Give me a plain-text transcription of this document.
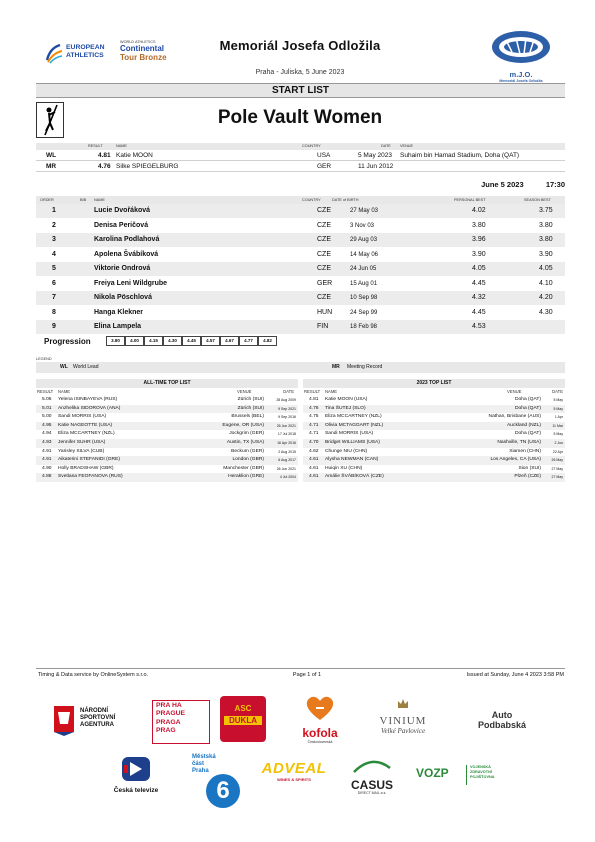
EUROPEAN
ATHLETICS
WORLD ATHLETICS
Continental
Tour Bronze
Memoriál Josefa Odložila
Praha - Juliska, 5 June 2023	m.J.O.
Memoriál Josefa Odložila
START LIST
Pole Vault Women
RESULT	NAME	COUNTRY	DATE VENUE
WL	4.81 Katie MOON	USA	5 May 2023 Suhaim bin Hamad Stadium, Doha (QAT)
MR	4.76 Silke SPIEGELBURG	GER	11 Jun 2012
June 5 2023	17:30
ORDER	BIB NAME	COUNTRY	DATE of BIRTH	PERSONAL BEST	SEASON BEST
1	Lucie Dvořáková	CZE	27 May 03	4.02	3.75
2	Denisa Peričová	CZE	3 Nov 03	3.80	3.80
3	Karolina Podlahová	CZE	29 Aug 03	3.96	3.80
4	Apolena Švábíková	CZE	14 May 06	3.90	3.90
5	Viktorie Ondrová	CZE	24 Jun 05	4.05	4.05
6	Freiya Leni Wildgrube	GER	15 Aug 01	4.45	4.10
7	Nikola Pöschlová	CZE	10 Sep 98	4.32	4.20
8	Hanga Klekner	HUN	24 Sep 99	4.45	4.30
9	Elina Lampela	FIN	18 Feb 98	4.53
Progression	3.80	4.00	4.15	4.30	4.45	4.57	4.67	4.77	4.82
LEGEND
WL World Lead	MR Meeting Record
ALL-TIME TOP LIST	2023 TOP LIST
RESULT NAME	VENUE	DATE RESULT NAME	VENUE	DATE
5.06 Yelena ISINBAYEVA (RUS)	Zürich (SUI)	28 Aug 2009
5.01 Anzhelika SIDOROVA (ANA)	Zürich (SUI)	9 Sep 2021
5.00 Sandi MORRIS (USA)	Brussels (BEL)	9 Sep 2016
4.95 Katie NAGEOTTE (USA)	Eugene, OR (USA)	26 Jun 2021
4.94 Eliza MCCARTNEY (NZL)	Jockgrim (GER)	17 Jul 2018
4.93 Jennifer SUHR (USA)	Austin, TX (USA)	16 Apr 2016
4.91 Yarisley SILVA (CUB)	Beckum (GER)	2 Aug 2015
4.91 Aikaterini STEFANIDI (GRE)	London (GBR)	6 Aug 2017
4.90 Holly BRADSHAW (GBR)	Manchester (GBR)	26 Jun 2021
4.88 Svetlana FEOFANOVA (RUS)	Heraklion (GRE)	4 Jul 2004
4.81 Katie MOON (USA)	Doha (QAT)	5 May
4.76 Tina ŠUTEJ (SLO)	Doha (QAT)	5 May
4.75 Eliza MCCARTNEY (NZL)	Nathan, Brisbane (AUS)	1 Apr
4.71 Olivia MCTAGGART (NZL)	Auckland (NZL)	11 Mar
4.71 Sandi MORRIS (USA)	Doha (QAT)	5 May
4.70 Bridget WILLIAMS (USA)	Nashville, TN (USA)	2 Jun
4.62 Chunge NIU (CHN)	Xiamen (CHN)	22 Apr
4.61 Alysha NEWMAN (CAN)	Los Angeles, CA (USA)	26 May
4.61 Huiqin XU (CHN)	Sion (SUI)	27 May
4.61 Amálie ŠVÁBÍKOVÁ (CZE)	Plzeň (CZE)	27 May
Timing & Data service by OnlineSystem s.r.o.	Page 1 of 1	Issued at Sunday, June 4 2023 3:58 PM
NÁRODNÍ
SPORTOVNÍ
AGENTURA
PRA HA
PRAGUE
PRAGA
PRAG
ASC
DUKLA
kofola
Československá
VINIUM
Velké Pavlovice
Auto
Podbabská
Česká televize
Městská
část
Praha
6
ADVEAL
WINES & SPIRITS	CASUS
DIRECT MAIL a.s.
VOZP	VOJENSKÁ
ZDRAVOTNÍ
POJIŠŤOVNA
